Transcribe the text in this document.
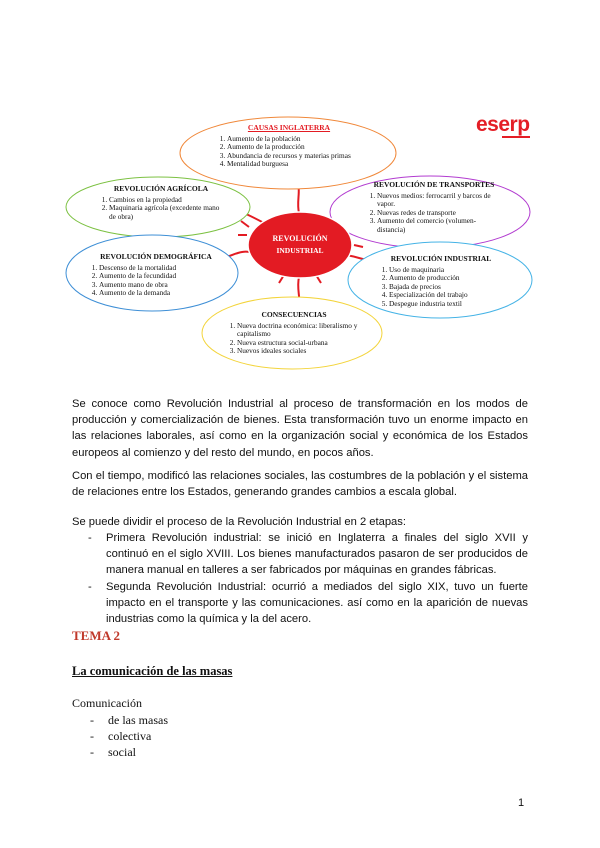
eserp
REVOLUCIÓN
INDUSTRIAL
CAUSAS INGLATERRA
1. Aumento de la población
2. Aumento de la producción
3. Abundancia de recursos y materias primas
4. Mentalidad burguesa
REVOLUCIÓN AGRÍCOLA
1. Cambios en la propiedad
2. Maquinaria agrícola (excedente mano de obra)
REVOLUCIÓN DE TRANSPORTES
1. Nuevos medios: ferrocarril y barcos de vapor.
2. Nuevas redes de transporte
3. Aumento del comercio (volumen-distancia)
REVOLUCIÓN DEMOGRÁFICA
1. Descenso de la mortalidad
2. Aumento de la fecundidad
3. Aumento mano de obra
4. Aumento de la demanda
REVOLUCIÓN INDUSTRIAL
1. Uso de maquinaria
2. Aumento de producción
3. Bajada de precios
4. Especialización del trabajo
5. Despegue industria textil
CONSECUENCIAS
1. Nueva doctrina económica: liberalismo y capitalismo
2. Nueva estructura social-urbana
3. Nuevos ideales sociales

Se conoce como Revolución Industrial al proceso de transformación en los modos de producción y comercialización de bienes. Esta transformación tuvo un enorme impacto en las relaciones laborales, así como en la organización social y económica de los Estados europeos al comienzo y del resto del mundo, en pocos años.

Con el tiempo, modificó las relaciones sociales, las costumbres de la población y el sistema de relaciones entre los Estados, generando grandes cambios a escala global.

Se puede dividir el proceso de la Revolución Industrial en 2 etapas:

- Primera Revolución industrial: se inició en Inglaterra a finales del siglo XVII y continuó en el siglo XVIII. Los bienes manufacturados pasaron de ser producidos de manera manual en talleres a ser fabricados por máquinas en grandes fábricas.
- Segunda Revolución Industrial: ocurrió a mediados del siglo XIX, tuvo un fuerte impacto en el transporte y las comunicaciones. así como en la aparición de nuevas industrias como la química y la del acero.

TEMA 2

La comunicación de las masas

Comunicación

- de las masas
- colectiva
- social
1
